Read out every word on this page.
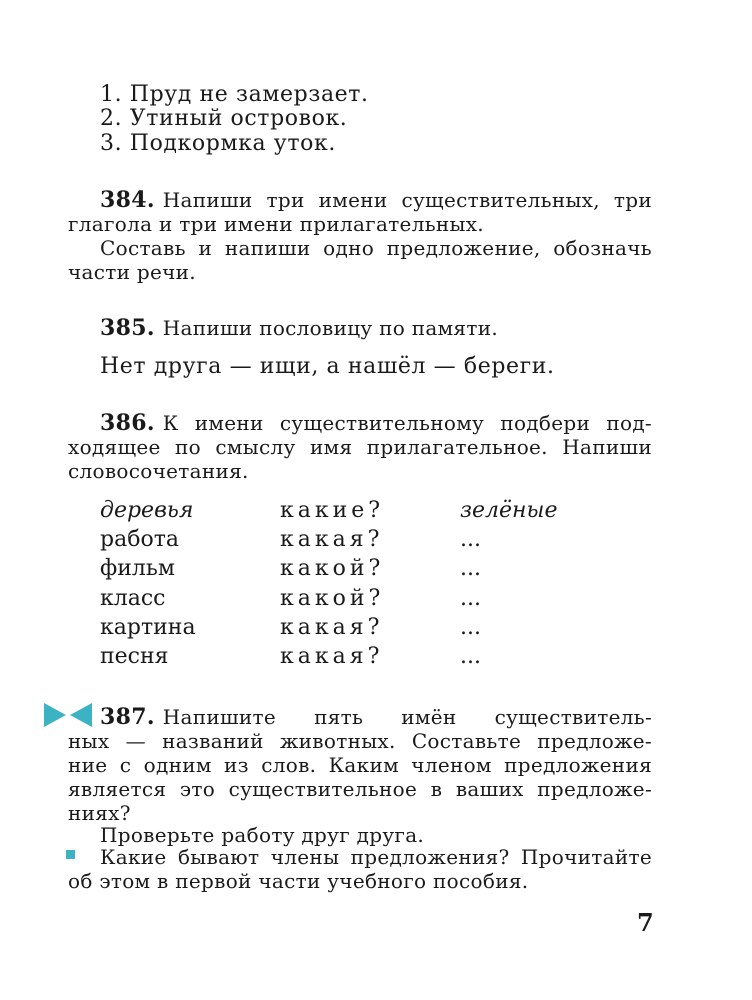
1. Пруд не замерзает.
2. Утиный островок.
3. Подкормка уток.
384. Напиши три имени существительных, три
глагола и три имени прилагательных.
Составь и напиши одно предложение, обозначь
части речи.
385. Напиши пословицу по памяти.
Нет друга — ищи, а нашёл — береги.
386. К имени существительному подбери под-
ходящее по смыслу имя прилагательное. Напиши
словосочетания.
деревья	какие?	зелёные
работа	какая?	...
фильм	какой?	...
класс	какой?	...
картина	какая?	...
песня	какая?	...
387. Напишите пять имён существитель-
ных — названий животных. Составьте предложе-
ние с одним из слов. Каким членом предложения
является это существительное в ваших предложе-
ниях?
Проверьте работу друг друга.
Какие бывают члены предложения? Прочитайте
об этом в первой части учебного пособия.
7
